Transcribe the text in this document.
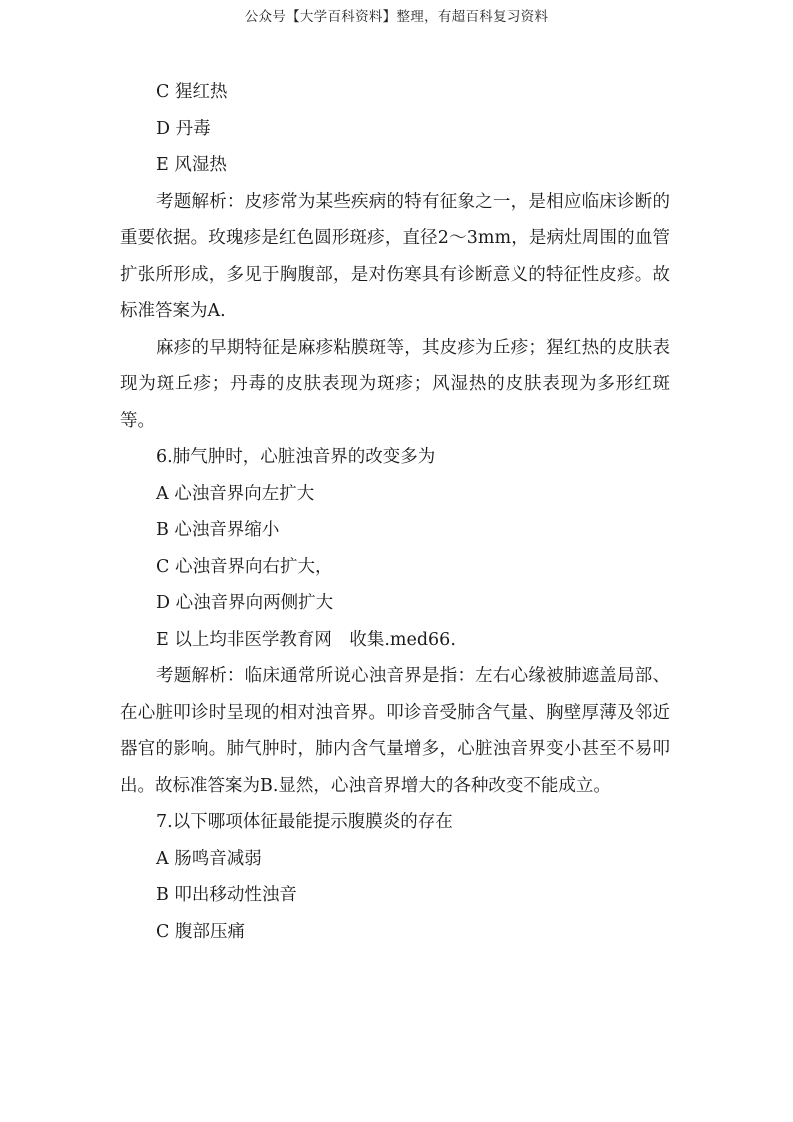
公众号【大学百科资料】整理，有超百科复习资料

C 猩红热

D 丹毒

E 风湿热

考题解析：皮疹常为某些疾病的特有征象之一，是相应临床诊断的重要依据。玫瑰疹是红色圆形斑疹，直径2～3mm，是病灶周围的血管扩张所形成，多见于胸腹部，是对伤寒具有诊断意义的特征性皮疹。故标准答案为A.

麻疹的早期特征是麻疹粘膜斑等，其皮疹为丘疹；猩红热的皮肤表现为斑丘疹；丹毒的皮肤表现为斑疹；风湿热的皮肤表现为多形红斑等。

6.肺气肿时，心脏浊音界的改变多为

A 心浊音界向左扩大

B 心浊音界缩小

C 心浊音界向右扩大，

D 心浊音界向两侧扩大

E 以上均非医学教育网　收集.med66.

考题解析：临床通常所说心浊音界是指：左右心缘被肺遮盖局部、在心脏叩诊时呈现的相对浊音界。叩诊音受肺含气量、胸壁厚薄及邻近器官的影响。肺气肿时，肺内含气量增多，心脏浊音界变小甚至不易叩出。故标准答案为B.显然，心浊音界增大的各种改变不能成立。

7.以下哪项体征最能提示腹膜炎的存在

A 肠鸣音减弱

B 叩出移动性浊音

C 腹部压痛
